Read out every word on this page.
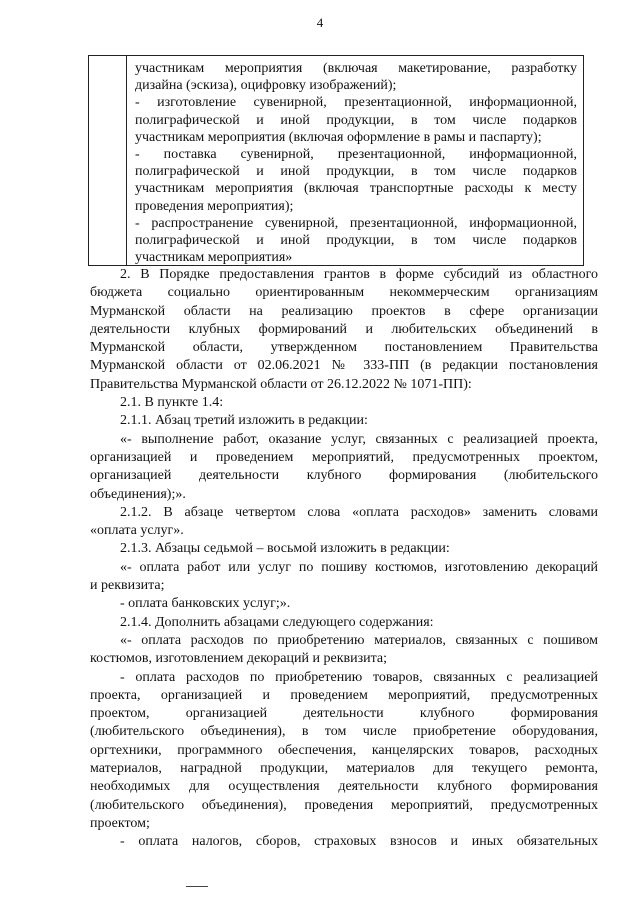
4
участникам мероприятия (включая макетирование, разработку
дизайна (эскиза), оцифровку изображений);
- изготовление сувенирной, презентационной, информационной,
полиграфической и иной продукции, в том числе подарков
участникам мероприятия (включая оформление в рамы и паспарту);
- поставка сувенирной, презентационной, информационной,
полиграфической и иной продукции, в том числе подарков
участникам мероприятия (включая транспортные расходы к месту
проведения мероприятия);
- распространение сувенирной, презентационной, информационной,
полиграфической и иной продукции, в том числе подарков
участникам мероприятия»
2. В Порядке предоставления грантов в форме субсидий из областного
бюджета социально ориентированным некоммерческим организациям
Мурманской области на реализацию проектов в сфере организации
деятельности клубных формирований и любительских объединений в
Мурманской области, утвержденном постановлением Правительства
Мурманской области от 02.06.2021 № 333-ПП (в редакции постановления
Правительства Мурманской области от 26.12.2022 № 1071-ПП):
2.1. В пункте 1.4:
2.1.1. Абзац третий изложить в редакции:
«- выполнение работ, оказание услуг, связанных с реализацией проекта,
организацией и проведением мероприятий, предусмотренных проектом,
организацией деятельности клубного формирования (любительского
объединения);».
2.1.2. В абзаце четвертом слова «оплата расходов» заменить словами
«оплата услуг».
2.1.3. Абзацы седьмой – восьмой изложить в редакции:
«- оплата работ или услуг по пошиву костюмов, изготовлению декораций
и реквизита;
- оплата банковских услуг;».
2.1.4. Дополнить абзацами следующего содержания:
«- оплата расходов по приобретению материалов, связанных с пошивом
костюмов, изготовлением декораций и реквизита;
- оплата расходов по приобретению товаров, связанных с реализацией
проекта, организацией и проведением мероприятий, предусмотренных
проектом, организацией деятельности клубного формирования
(любительского объединения), в том числе приобретение оборудования,
оргтехники, программного обеспечения, канцелярских товаров, расходных
материалов, наградной продукции, материалов для текущего ремонта,
необходимых для осуществления деятельности клубного формирования
(любительского объединения), проведения мероприятий, предусмотренных
проектом;
- оплата налогов, сборов, страховых взносов и иных обязательных
